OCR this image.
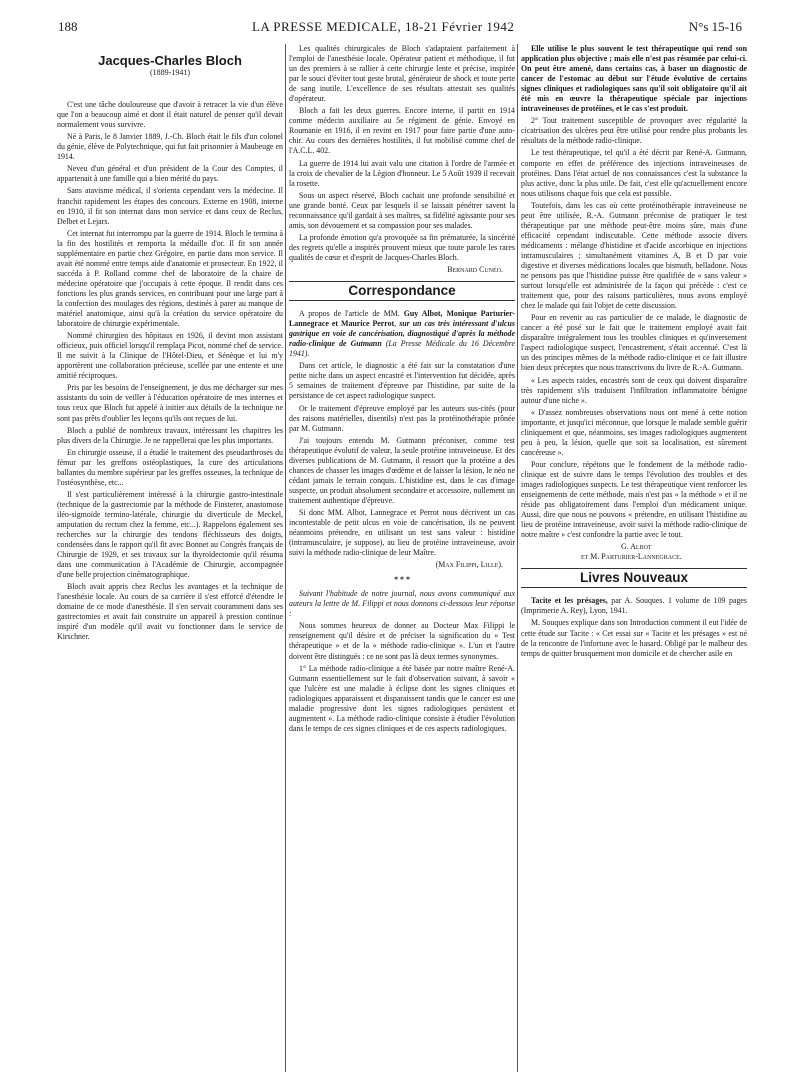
188	LA PRESSE MEDICALE, 18-21 Février 1942	N°s 15-16
Jacques-Charles Bloch

(1889-1941)

C'est une tâche douloureuse que d'avoir à retracer la vie d'un élève que l'on a beaucoup aimé et dont il était naturel de penser qu'il devait normalement vous survivre.

Né à Paris, le 8 Janvier 1889, J.-Ch. Bloch était le fils d'un colonel du génie, élève de Polytechnique, qui fut fait prisonnier à Maubeuge en 1914.

Neveu d'un général et d'un président de la Cour des Comptes, il appartenait à une famille qui a bien mérité du pays.

Sans atavisme médical, il s'orienta cependant vers la médecine. Il franchit rapidement les étapes des concours. Externe en 1908, interne en 1910, il fit son internat dans mon service et dans ceux de Reclus, Delbet et Lejars.

Cet internat fut interrompu par la guerre de 1914. Bloch le termina à la fin des hostilités et remporta la médaille d'or. Il fit son année supplémentaire en partie chez Grégoire, en partie dans mon service. Il avait été nommé entre temps aide d'anatomie et prosecteur. En 1922, il succéda à P. Rolland comme chef de laboratoire de la chaire de médecine opératoire que j'occupais à cette époque. Il rendit dans ces fonctions les plus grands services, en contribuant pour une large part à la confection des moulages des régions, destinés à parer au manque de matériel anatomique, ainsi qu'à la création du service opératoire du laboratoire de chirurgie expérimentale.

Nommé chirurgien des hôpitaux en 1926, il devint mon assistant officieux, puis officiel lorsqu'il remplaça Picot, nommé chef de service. Il me suivit à la Clinique de l'Hôtel-Dieu, et Sénèque et lui m'y apportèrent une collaboration précieuse, scellée par une entente et une amitié réciproques.

Pris par les besoins de l'enseignement, je dus me décharger sur mes assistants du soin de veiller à l'éducation opératoire de mes internes et tous ceux que Bloch fut appelé à initier aux détails de la technique ne sont pas prêts d'oublier les leçons qu'ils ont reçues de lui.

Bloch a publié de nombreux travaux, intéressant les chapitres les plus divers de la Chirurgie. Je ne rappellerai que les plus importants.

En chirurgie osseuse, il a étudié le traitement des pseudarthroses du fémur par les greffons ostéoplastiques, la cure des articulations ballantes du membre supérieur par les greffes osseuses, la technique de l'ostéosynthèse, etc...

Il s'est particulièrement intéressé à la chirurgie gastro-intestinale (technique de la gastrectomie par la méthode de Finsterer, anastomose iléo-sigmoïde termino-latérale, chirurgie du diverticule de Meckel, amputation du rectum chez la femme, etc...). Rappelons également ses recherches sur la chirurgie des tendons fléchisseurs des doigts, condensées dans le rapport qu'il fit avec Bonnet au Congrès français de Chirurgie de 1929, et ses travaux sur la thyroïdectomie qu'il résuma dans une communication à l'Académie de Chirurgie, accompagnée d'une belle projection cinématographique.

Bloch avait appris chez Reclus les avantages et la technique de l'anesthésie locale. Au cours de sa carrière il s'est efforcé d'étendre le domaine de ce mode d'anesthésie. Il s'en servait couramment dans ses gastrectomies et avait fait construire un appareil à pression continue inspiré d'un modèle qu'il avait vu fonctionner dans le service de Kirschner.

Les qualités chirurgicales de Bloch s'adaptaient parfaitement à l'emploi de l'anesthésie locale. Opérateur patient et méthodique, il fut un des premiers à se rallier à cette chirurgie lente et précise, inspirée par le souci d'éviter tout geste brutal, générateur de shock et toute perte de sang inutile. L'excellence de ses résultats attestait ses qualités d'opérateur.

Bloch a fait les deux guerres. Encore interne, il partit en 1914 comme médecin auxiliaire au 5e régiment de génie. Envoyé en Roumanie en 1916, il en revint en 1917 pour faire partie d'une auto-chir. Au cours des dernières hostilités, il fut mobilisé comme chef de l'A.C.L. 402.

La guerre de 1914 lui avait valu une citation à l'ordre de l'armée et la croix de chevalier de la Légion d'honneur. Le 5 Août 1939 il recevait la rosette.

Sous un aspect réservé, Bloch cachait une profonde sensibilité et une grande bonté. Ceux par lesquels il se laissait pénétrer savent la reconnaissance qu'il gardait à ses maîtres, sa fidélité agissante pour ses amis, son dévouement et sa compassion pour ses malades.

La profonde émotion qu'a provoquée sa fin prématurée, la sincérité des regrets qu'elle a inspirés prouvent mieux que toute parole les rares qualités de cœur et d'esprit de Jacques-Charles Bloch.

Bernard Cunéo.

Correspondance

A propos de l'article de MM. Guy Albot, Monique Parturier-Lannegrace et Maurice Perrot, sur un cas très intéressant d'ulcus gastrique en voie de cancérisation, diagnostiqué d'après la méthode radio-clinique de Gutmann (La Presse Médicale du 16 Décembre 1941).

Dans cet article, le diagnostic a été fait sur la constatation d'une petite niche dans un aspect encastré et l'intervention fut décidée, après 5 semaines de traitement d'épreuve par l'histidine, par suite de la persistance de cet aspect radiologique suspect.

Or le traitement d'épreuve employé par les auteurs sus-cités (pour des raisons matérielles, disentils) n'est pas la protéinothérapie prônée par M. Gutmann.

J'ai toujours entendu M. Gutmann préconiser, comme test thérapeutique évolutif de valeur, la seule protéine intraveineuse. Et des diverses publications de M. Gutmann, il ressort que la protéine a des chances de chasser les images d'œdème et de laisser la lésion, le néo ne cédant jamais le terrain conquis. L'histidine est, dans le cas d'image suspecte, un produit absolument secondaire et accessoire, nullement un traitement authentique d'épreuve.

Si donc MM. Albot, Lannegrace et Perrot nous décrivent un cas incontestable de petit ulcus en voie de cancérisation, ils ne peuvent néanmoins prétendre, en utilisant un test sans valeur : histidine (intramusculaire, je suppose), au lieu de protéine intraveineuse, avoir suivi la méthode radio-clinique de leur Maître.

(Max Filippi, Lille).

* * *

Suivant l'habitude de notre journal, nous avons communiqué aux auteurs la lettre de M. Filippi et nous donnons ci-dessous leur réponse :

Nous sommes heureux de donner au Docteur Max Filippi le renseignement qu'il désire et de préciser la signification du « Test thérapeutique » et de la « méthode radio-clinique ». L'un et l'autre doivent être distingués : ce ne sont pas là deux termes synonymes.

1° La méthode radio-clinique a été basée par notre maître René-A. Gutmann essentiellement sur le fait d'observation suivant, à savoir « que l'ulcère est une maladie à éclipse dont les signes cliniques et radiologiques apparaissent et disparaissent tandis que le cancer est une maladie progressive dont les signes radiologiques persistent et augmentent ». La méthode radio-clinique consiste à étudier l'évolution dans le temps de ces signes cliniques et de ces aspects radiologiques.

Elle utilise le plus souvent le test thérapeutique qui rend son application plus objective ; mais elle n'est pas résumée par celui-ci. On peut être amené, dans certains cas, à baser un diagnostic de cancer de l'estomac au début sur l'étude évolutive de certains signes cliniques et radiologiques sans qu'il soit obligatoire qu'il ait été mis en œuvre la thérapeutique spéciale par injections intraveineuses de protéines, et le cas s'est produit.

2° Tout traitement susceptible de provoquer avec régularité la cicatrisation des ulcères peut être utilisé pour rendre plus probants les résultats de la méthode radio-clinique.

Le test thérapeutique, tel qu'il a été décrit par René-A. Gutmann, comporte en effet de préférence des injections intraveineuses de protéines. Dans l'état actuel de nos connaissances c'est la substance la plus active, donc la plus utile. De fait, c'est elle qu'actuellement encore nous utilisons chaque fois que cela est possible.

Toutefois, dans les cas où cette protéinothérapie intraveineuse ne peut être utilisée, R.-A. Gutmann préconise de pratiquer le test thérapeutique par une méthode peut-être moins sûre, mais d'une efficacité cependant indiscutable. Cette méthode associe divers médicaments : mélange d'histidine et d'acide ascorbique en injections intramusculaires ; simultanément vitamines A, B et D par voie digestive et diverses médications locales que bismuth, belladone. Nous ne pensons pas que l'histidine puisse être qualifiée de « sans valeur » surtout lorsqu'elle est administrée de la façon qui précède : c'est ce traitement que, pour des raisons particulières, nous avons employé chez le malade qui fait l'objet de cette discussion.

Pour en revenir au cas particulier de ce malade, le diagnostic de cancer a été posé sur le fait que le traitement employé avait fait disparaître intégralement tous les troubles cliniques et qu'inversement l'aspect radiologique suspect, l'encastrement, s'était accentué. C'est là un des principes mêmes de la méthode radio-clinique et ce fait illustre bien deux préceptes que nous transcrivons du livre de R.-A. Gutmann.

« Les aspects raides, encastrés sont de ceux qui doivent disparaître très rapidement s'ils traduisent l'infiltration inflammatoire bénigne autour d'une niche ».

« D'assez nombreuses observations nous ont mené à cette notion importante, et jusqu'ici méconnue, que lorsque le malade semble guérir cliniquement et que, néanmoins, ses images radiologiques augmentent peu à peu, la lésion, quelle que soit sa localisation, est sûrement cancéreuse ».

Pour conclure, répétons que le fondement de la méthode radio-clinique est de suivre dans le temps l'évolution des troubles et des images radiologiques suspects. Le test thérapeutique vient renforcer les enseignements de cette méthode, mais n'est pas « la méthode » et il ne réside pas obligatoirement dans l'emploi d'un médicament unique. Aussi, dire que nous ne pouvons « prétendre, en utilisant l'histidine au lieu de protéine intraveineuse, avoir suivi la méthode radio-clinique de notre maître » c'est confondre la partie avec le tout.

G. Albot

et M. Parturier-Lannegrace.

Livres Nouveaux

Tacite et les présages, par A. Souques. 1 volume de 109 pages (Imprimerie A. Rey), Lyon, 1941.

M. Souques explique dans son Introduction comment il eut l'idée de cette étude sur Tacite : « Cet essai sur « Tacite et les présages » est né de la rencontre de l'infortune avec le hasard. Obligé par le malheur des temps de quitter brusquement mon domicile et de chercher asile en
